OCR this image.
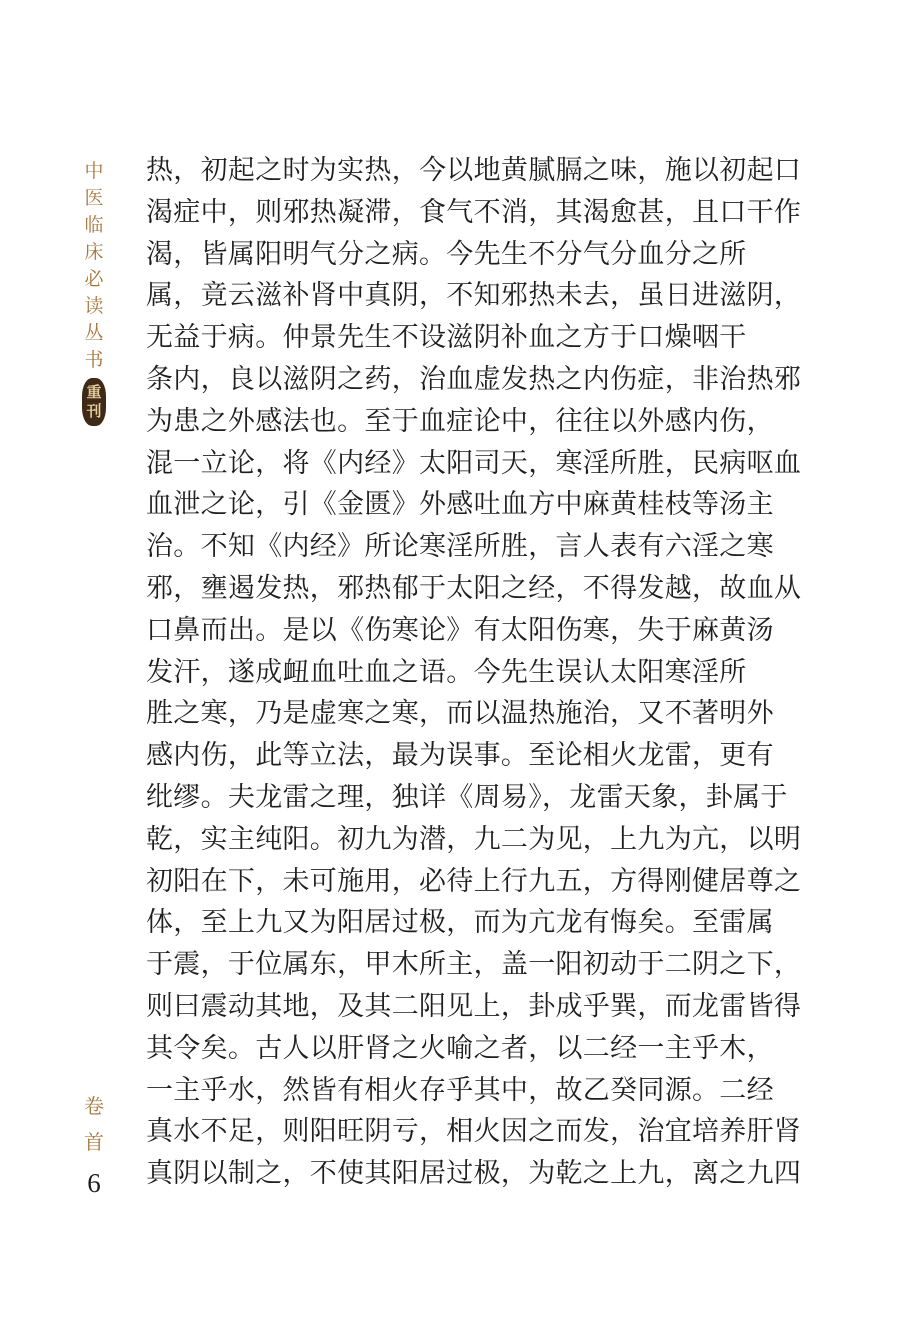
中
医
临
床
必
读
丛
书
重
刊
热，初起之时为实热，今以地黄腻膈之味，施以初起口
渴症中，则邪热凝滞，食气不消，其渴愈甚，且口干作
渴，皆属阳明气分之病。今先生不分气分血分之所
属，竟云滋补肾中真阴，不知邪热未去，虽日进滋阴，
无益于病。仲景先生不设滋阴补血之方于口燥咽干
条内，良以滋阴之药，治血虚发热之内伤症，非治热邪
为患之外感法也。至于血症论中，往往以外感内伤，
混一立论，将《内经》太阳司天，寒淫所胜，民病呕血
血泄之论，引《金匮》外感吐血方中麻黄桂枝等汤主
治。不知《内经》所论寒淫所胜，言人表有六淫之寒
邪，壅遏发热，邪热郁于太阳之经，不得发越，故血从
口鼻而出。是以《伤寒论》有太阳伤寒，失于麻黄汤
发汗，遂成衄血吐血之语。今先生误认太阳寒淫所
胜之寒，乃是虚寒之寒，而以温热施治，又不著明外
感内伤，此等立法，最为误事。至论相火龙雷，更有
纰缪。夫龙雷之理，独详《周易》，龙雷天象，卦属于
乾，实主纯阳。初九为潜，九二为见，上九为亢，以明
初阳在下，未可施用，必待上行九五，方得刚健居尊之
体，至上九又为阳居过极，而为亢龙有悔矣。至雷属
于震，于位属东，甲木所主，盖一阳初动于二阴之下，
则曰震动其地，及其二阳见上，卦成乎巽，而龙雷皆得
其令矣。古人以肝肾之火喻之者，以二经一主乎木，
一主乎水，然皆有相火存乎其中，故乙癸同源。二经
真水不足，则阳旺阴亏，相火因之而发，治宜培养肝肾
真阴以制之，不使其阳居过极，为乾之上九，离之九四
卷
首
6
